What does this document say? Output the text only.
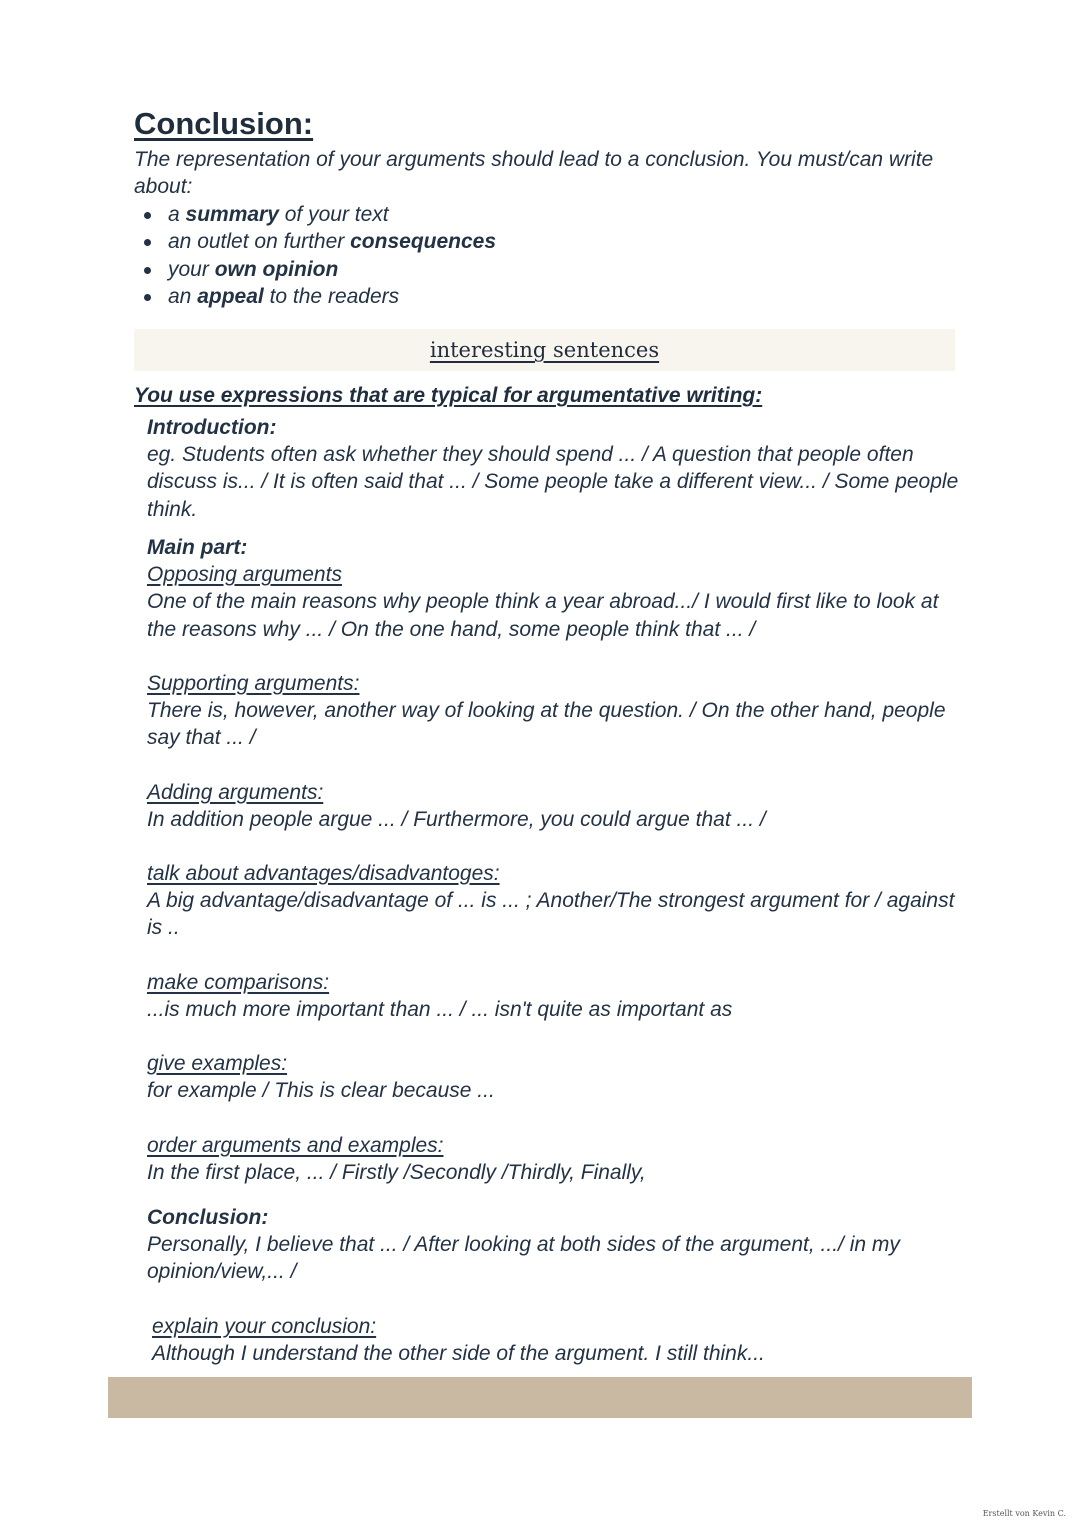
Conclusion:

The representation of your arguments should lead to a conclusion. You must/can write about:

a summary of your text
an outlet on further consequences
your own opinion
an appeal to the readers
interesting sentences

You use expressions that are typical for argumentative writing:

Introduction:
eg. Students often ask whether they should spend ... / A question that people often discuss is... / It is often said that ... / Some people take a different view... / Some people think.
Main part:
Opposing arguments
One of the main reasons why people think a year abroad.../ I would first like to look at the reasons why ... / On the one hand, some people think that ... /
Supporting arguments:
There is, however, another way of looking at the question. / On the other hand, people say that ... /
Adding arguments:
In addition people argue ... / Furthermore, you could argue that ... /
talk about advantages/disadvantoges:
A big advantage/disadvantage of ... is ... ; Another/The strongest argument for / against is ..
make comparisons:
...is much more important than ... / ... isn't quite as important as
give examples:
for example / This is clear because ...
order arguments and examples:
In the first place, ... / Firstly /Secondly /Thirdly, Finally,
Conclusion:
Personally, I believe that ... / After looking at both sides of the argument, .../ in my opinion/view,... /
explain your conclusion:
Although I understand the other side of the argument. I still think...
Erstellt von Kevin C.
